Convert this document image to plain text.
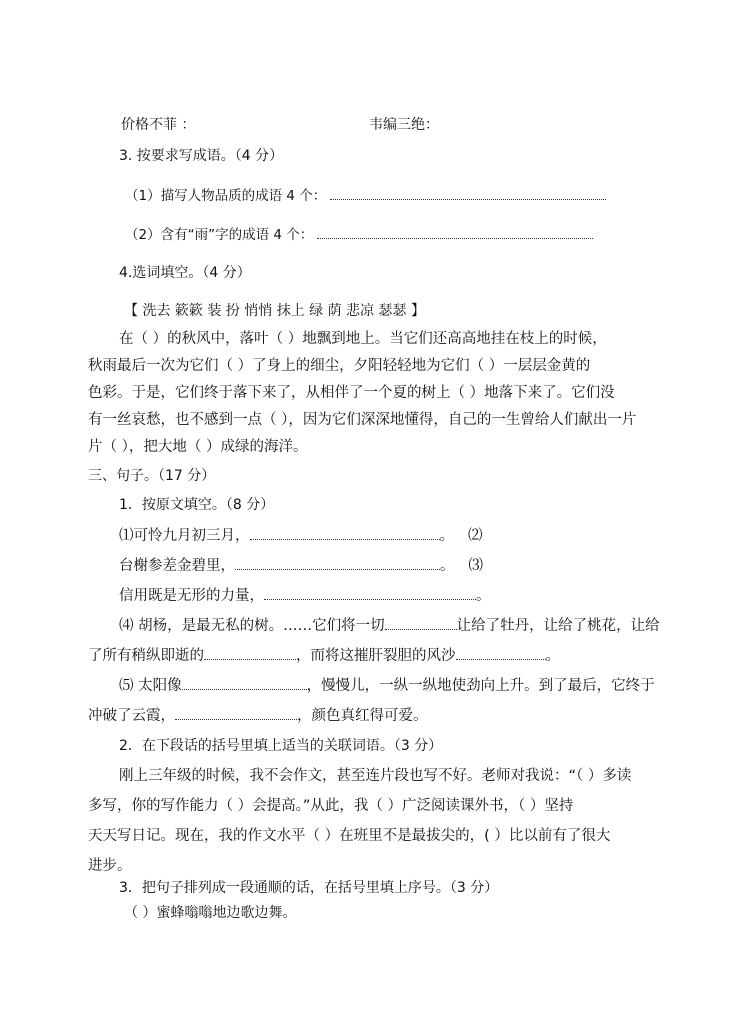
价格不菲 ：	韦编三绝：
3. 按要求写成语。（4 分）
（1）描写人物品质的成语 4 个：
（2）含有“雨”字的成语 4 个：
4.选词填空。（4 分）
【 洗去 簌簌 装 扮 悄悄 抹上 绿 荫 悲凉 瑟瑟 】
在（ ）的秋风中，落叶（ ）地飘到地上。当它们还高高地挂在枝上的时候，
秋雨最后一次为它们（ ）了身上的细尘，夕阳轻轻地为它们（ ）一层层金黄的
色彩。于是，它们终于落下来了，从相伴了一个夏的树上（ ）地落下来了。它们没
有一丝哀愁，也不感到一点（ ），因为它们深深地懂得，自己的一生曾给人们献出一片
片（ ），把大地（ ）成绿的海洋。
三、句子。（17 分）
1．按原文填空。（8 分）
⑴可怜九月初三月，	。 ⑵
台榭参差金碧里，	。 ⑶
信用既是无形的力量，	。
⑷ 胡杨，是最无私的树。……它们将一切	让给了牡丹，让给了桃花，让给
了所有稍纵即逝的	，而将这摧肝裂胆的风沙	。
⑸ 太阳像	，慢慢儿，一纵一纵地使劲向上升。到了最后，它终于
冲破了云霞，	，颜色真红得可爱。
2．在下段话的括号里填上适当的关联词语。（3 分）
刚上三年级的时候，我不会作文，甚至连片段也写不好。老师对我说：“（ ）多读
多写，你的写作能力（ ）会提高。”从此，我（ ）广泛阅读课外书，（ ）坚持
天天写日记。现在，我的作文水平（ ）在班里不是最拔尖的，( ）比以前有了很大
进步。
3．把句子排列成一段通顺的话，在括号里填上序号。（3 分）
（ ）蜜蜂嗡嗡地边歌边舞。
